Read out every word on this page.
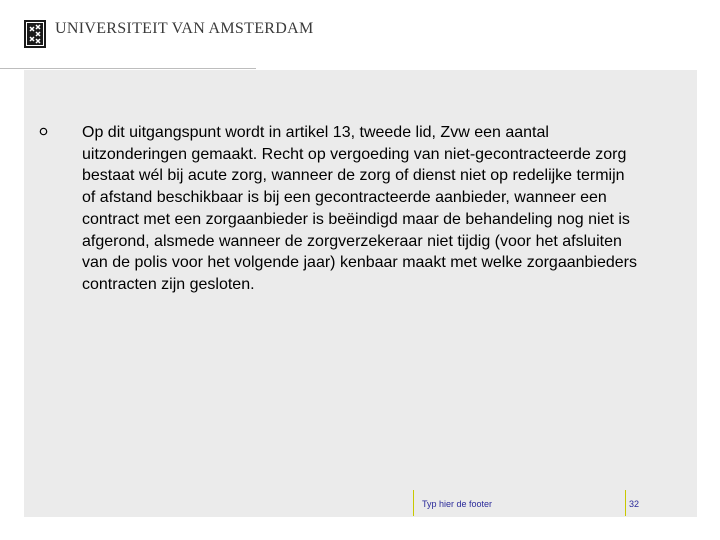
UNIVERSITEIT VAN AMSTERDAM
Op dit uitgangspunt wordt in artikel 13, tweede lid, Zvw een aantal uitzonderingen gemaakt. Recht op vergoeding van niet-gecontracteerde zorg bestaat wél bij acute zorg, wanneer de zorg of dienst niet op redelijke termijn of afstand beschikbaar is bij een gecontracteerde aanbieder, wanneer een contract met een zorgaanbieder is beëindigd maar de behandeling nog niet is afgerond, alsmede wanneer de zorgverzekeraar niet tijdig (voor het afsluiten van de polis voor het volgende jaar) kenbaar maakt met welke zorgaanbieders contracten zijn gesloten.
Typ hier de footer	32
